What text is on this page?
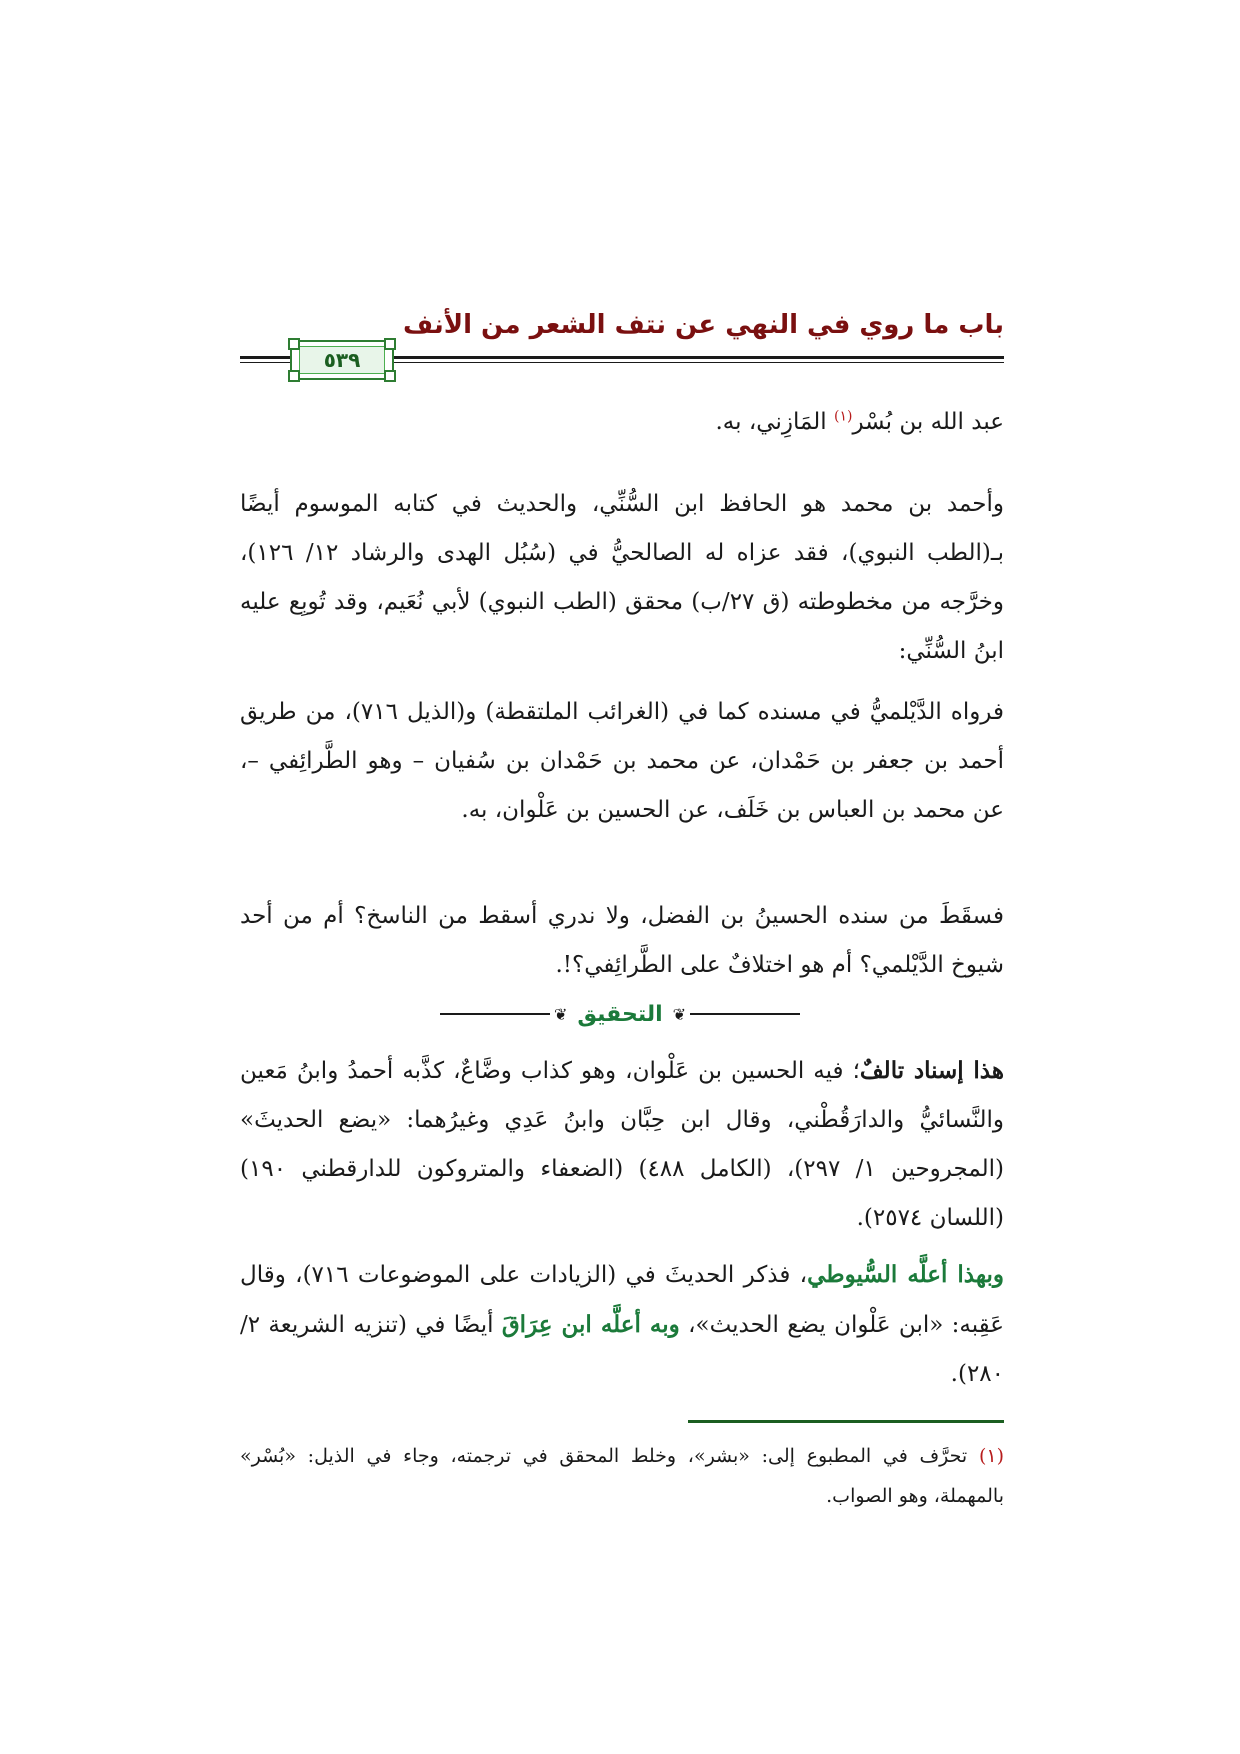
باب ما روي في النهي عن نتف الشعر من الأنف
٥٣٩
عبد الله بن بُسْر$^{(١)}$ المَازِني، به.
وأحمد بن محمد هو الحافظ ابن السُّنِّي، والحديث في كتابه الموسوم أيضًا بـ(الطب النبوي)، فقد عزاه له الصالحيُّ في (سُبُل الهدى والرشاد ١٢/ ١٢٦)، وخرَّجه من مخطوطته (ق ٢٧/ب) محقق (الطب النبوي) لأبي نُعَيم، وقد تُوبِع عليه ابنُ السُّنِّي:
فرواه الدَّيْلميُّ في مسنده كما في (الغرائب الملتقطة) و(الذيل ٧١٦)، من طريق أحمد بن جعفر بن حَمْدان، عن محمد بن حَمْدان بن سُفيان – وهو الطَّرائِفي –، عن محمد بن العباس بن خَلَف، عن الحسين بن عَلْوان، به.
فسقَطَ من سنده الحسينُ بن الفضل، ولا ندري أسقط من الناسخ؟ أم من أحد شيوخ الدَّيْلمي؟ أم هو اختلافٌ على الطَّرائِفي؟!.
❦
التحقيق
❦
هذا إسناد تالفٌ؛ فيه الحسين بن عَلْوان، وهو كذاب وضَّاعٌ، كذَّبه أحمدُ وابنُ مَعين والنَّسائيُّ والدارَقُطْني، وقال ابن حِبَّان وابنُ عَدِي وغيرُهما: «يضع الحديثَ» (المجروحين ١/ ٢٩٧)، (الكامل ٤٨٨) (الضعفاء والمتروكون للدارقطني ١٩٠) (اللسان ٢٥٧٤).
وبهذا أعلَّه السُّيوطي، فذكر الحديثَ في (الزيادات على الموضوعات ٧١٦)، وقال عَقِبه: «ابن عَلْوان يضع الحديث»، وبه أعلَّه ابن عِرَاقَ أيضًا في (تنزيه الشريعة ٢/ ٢٨٠).
(١) تحرَّف في المطبوع إلى: «بشر»، وخلط المحقق في ترجمته، وجاء في الذيل: «بُسْر» بالمهملة، وهو الصواب.
